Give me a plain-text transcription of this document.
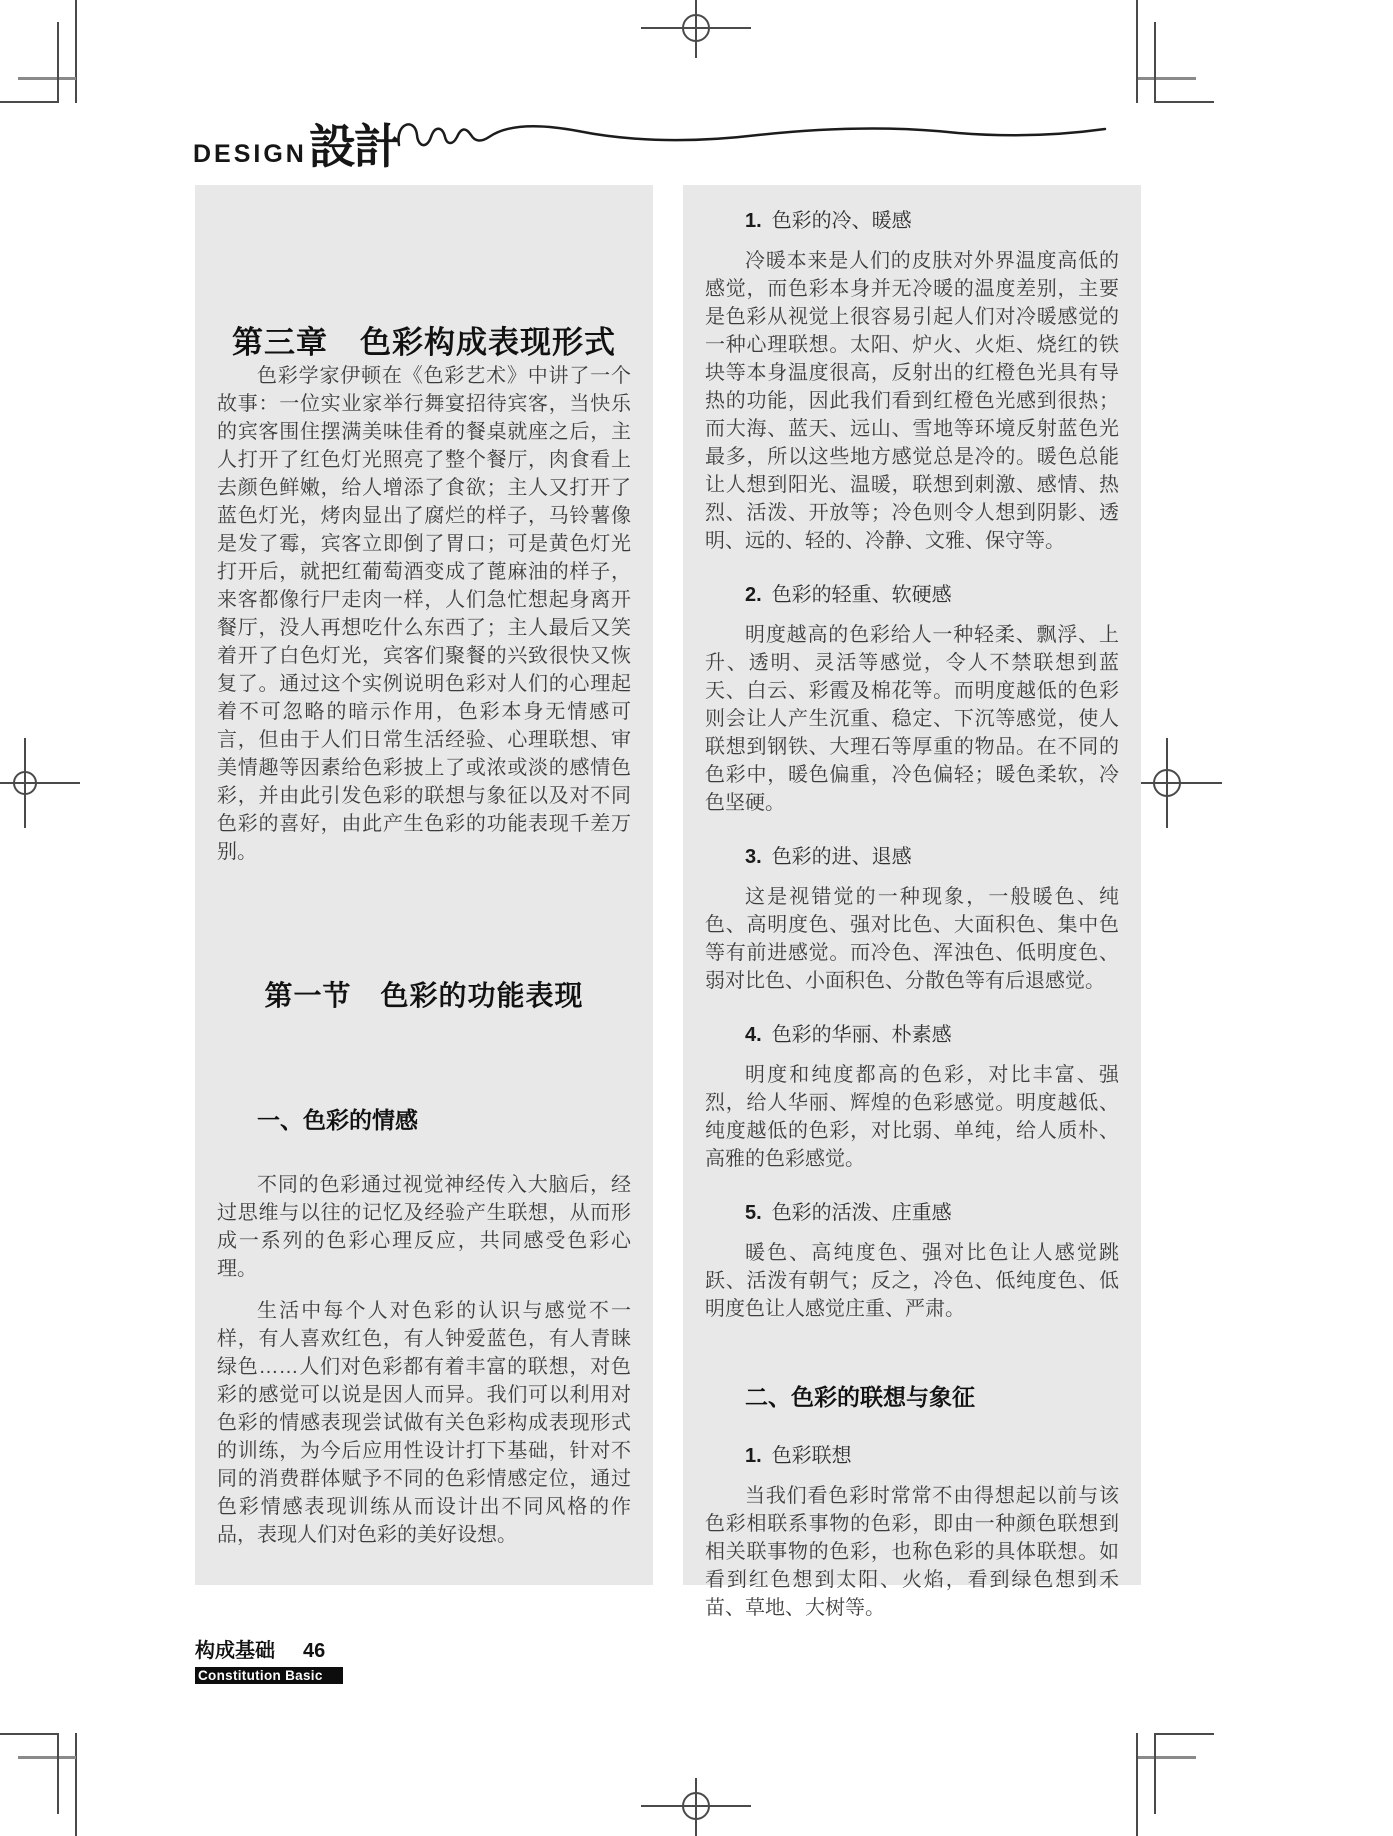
DESIGN 設計
第三章　色彩构成表现形式

色彩学家伊顿在《色彩艺术》中讲了一个故事：一位实业家举行舞宴招待宾客，当快乐的宾客围住摆满美味佳肴的餐桌就座之后，主人打开了红色灯光照亮了整个餐厅，肉食看上去颜色鲜嫩，给人增添了食欲；主人又打开了蓝色灯光，烤肉显出了腐烂的样子，马铃薯像是发了霉，宾客立即倒了胃口；可是黄色灯光打开后，就把红葡萄酒变成了蓖麻油的样子，来客都像行尸走肉一样，人们急忙想起身离开餐厅，没人再想吃什么东西了；主人最后又笑着开了白色灯光，宾客们聚餐的兴致很快又恢复了。通过这个实例说明色彩对人们的心理起着不可忽略的暗示作用，色彩本身无情感可言，但由于人们日常生活经验、心理联想、审美情趣等因素给色彩披上了或浓或淡的感情色彩，并由此引发色彩的联想与象征以及对不同色彩的喜好，由此产生色彩的功能表现千差万别。

第一节　色彩的功能表现
一、色彩的情感

不同的色彩通过视觉神经传入大脑后，经过思维与以往的记忆及经验产生联想，从而形成一系列的色彩心理反应，共同感受色彩心理。

生活中每个人对色彩的认识与感觉不一样，有人喜欢红色，有人钟爱蓝色，有人青睐绿色……人们对色彩都有着丰富的联想，对色彩的感觉可以说是因人而异。我们可以利用对色彩的情感表现尝试做有关色彩构成表现形式的训练，为今后应用性设计打下基础，针对不同的消费群体赋予不同的色彩情感定位，通过色彩情感表现训练从而设计出不同风格的作品，表现人们对色彩的美好设想。

1. 色彩的冷、暖感

冷暖本来是人们的皮肤对外界温度高低的感觉，而色彩本身并无冷暖的温度差别，主要是色彩从视觉上很容易引起人们对冷暖感觉的一种心理联想。太阳、炉火、火炬、烧红的铁块等本身温度很高，反射出的红橙色光具有导热的功能，因此我们看到红橙色光感到很热；而大海、蓝天、远山、雪地等环境反射蓝色光最多，所以这些地方感觉总是冷的。暖色总能让人想到阳光、温暖，联想到刺激、感情、热烈、活泼、开放等；冷色则令人想到阴影、透明、远的、轻的、冷静、文雅、保守等。

2. 色彩的轻重、软硬感

明度越高的色彩给人一种轻柔、飘浮、上升、透明、灵活等感觉，令人不禁联想到蓝天、白云、彩霞及棉花等。而明度越低的色彩则会让人产生沉重、稳定、下沉等感觉，使人联想到钢铁、大理石等厚重的物品。在不同的色彩中，暖色偏重，冷色偏轻；暖色柔软，冷色坚硬。

3. 色彩的进、退感

这是视错觉的一种现象，一般暖色、纯色、高明度色、强对比色、大面积色、集中色等有前进感觉。而冷色、浑浊色、低明度色、弱对比色、小面积色、分散色等有后退感觉。

4. 色彩的华丽、朴素感

明度和纯度都高的色彩，对比丰富、强烈，给人华丽、辉煌的色彩感觉。明度越低、纯度越低的色彩，对比弱、单纯，给人质朴、高雅的色彩感觉。

5. 色彩的活泼、庄重感

暖色、高纯度色、强对比色让人感觉跳跃、活泼有朝气；反之，冷色、低纯度色、低明度色让人感觉庄重、严肃。

二、色彩的联想与象征
1. 色彩联想

当我们看色彩时常常不由得想起以前与该色彩相联系事物的色彩，即由一种颜色联想到相关联事物的色彩，也称色彩的具体联想。如看到红色想到太阳、火焰，看到绿色想到禾苗、草地、大树等。

构成基础 46
Constitution Basic
